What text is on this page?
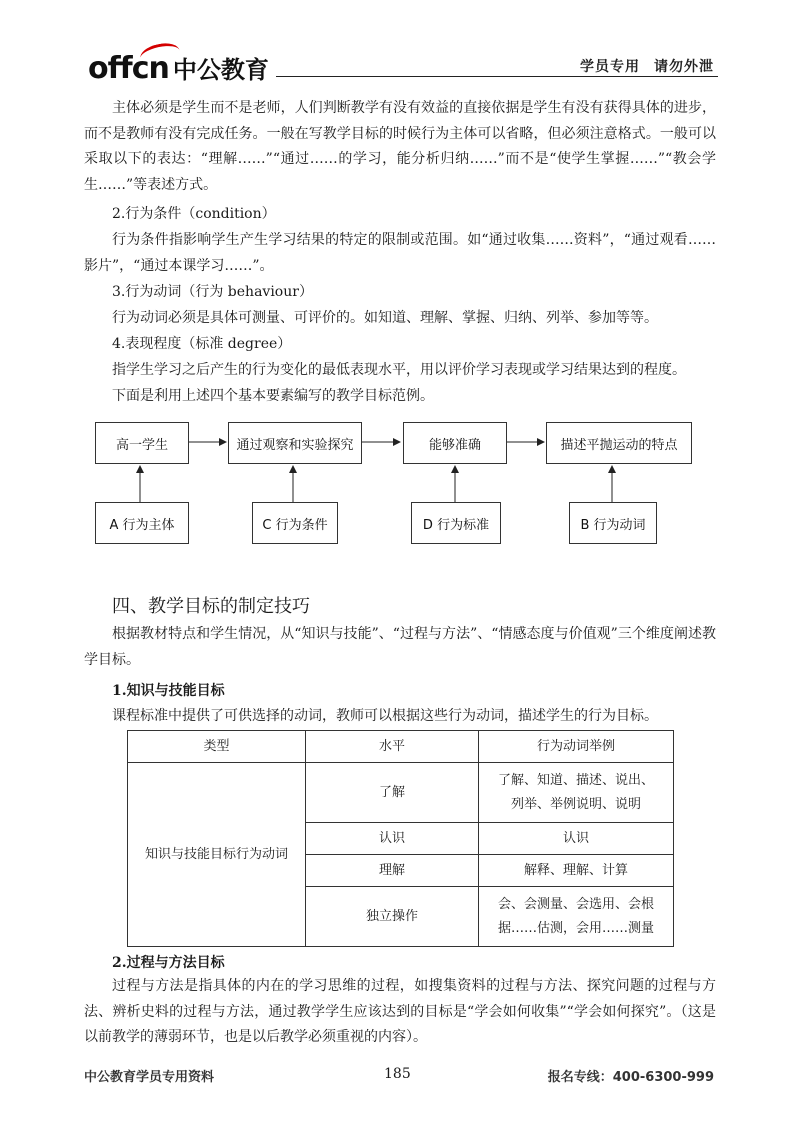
offcn 中公教育	学员专用 请勿外泄
主体必须是学生而不是老师，人们判断教学有没有效益的直接依据是学生有没有获得具体的进步，而不是教师有没有完成任务。一般在写教学目标的时候行为主体可以省略，但必须注意格式。一般可以采取以下的表达：“理解……”“通过……的学习，能分析归纳……”而不是“使学生掌握……”“教会学生……”等表述方式。
2.行为条件（condition）
行为条件指影响学生产生学习结果的特定的限制或范围。如“通过收集……资料”，“通过观看……影片”，“通过本课学习……”。
3.行为动词（行为 behaviour）
行为动词必须是具体可测量、可评价的。如知道、理解、掌握、归纳、列举、参加等等。
4.表现程度（标准 degree）
指学生学习之后产生的行为变化的最低表现水平，用以评价学习表现或学习结果达到的程度。
下面是利用上述四个基本要素编写的教学目标范例。
高一学生	通过观察和实验探究	能够准确	描述平抛运动的特点
A 行为主体	C 行为条件	D 行为标准	B 行为动词
四、教学目标的制定技巧
根据教材特点和学生情况，从“知识与技能”、“过程与方法”、“情感态度与价值观”三个维度阐述教学目标。
1.知识与技能目标
课程标准中提供了可供选择的动词，教师可以根据这些行为动词，描述学生的行为目标。
类型	水平	行为动词举例
知识与技能目标行为动词	了解	了解、知道、描述、说出、
列举、举例说明、说明

	认识	认识
	理解	解释、理解、计算
	独立操作	会、会测量、会选用、会根
据……估测，会用……测量
2.过程与方法目标
过程与方法是指具体的内在的学习思维的过程，如搜集资料的过程与方法、探究问题的过程与方法、辨析史料的过程与方法，通过教学学生应该达到的目标是“学会如何收集”“学会如何探究”。（这是以前教学的薄弱环节，也是以后教学必须重视的内容）。
中公教育学员专用资料	185	报名专线：400-6300-999
